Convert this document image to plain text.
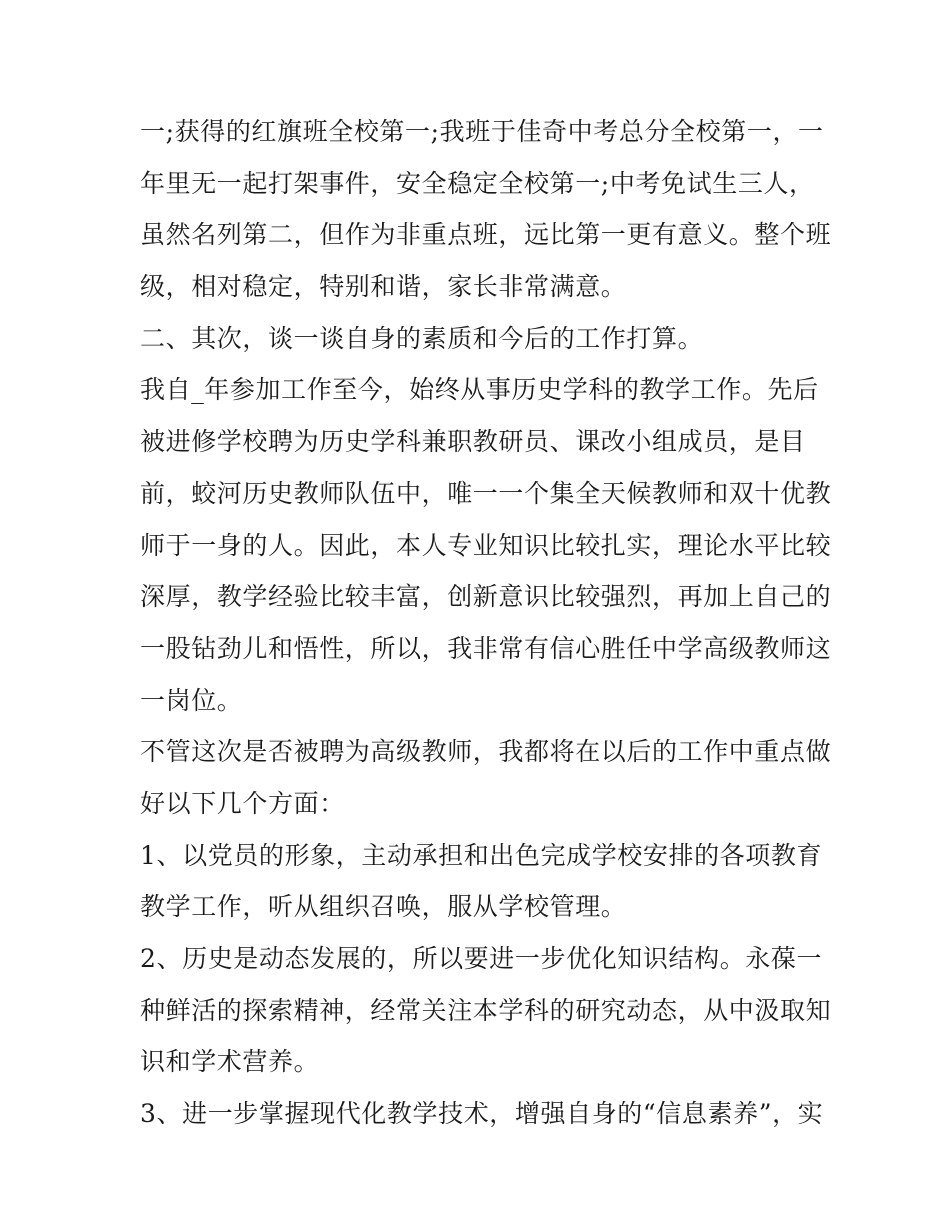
一;获得的红旗班全校第一;我班于佳奇中考总分全校第一，一
年里无一起打架事件，安全稳定全校第一;中考免试生三人，
虽然名列第二，但作为非重点班，远比第一更有意义。整个班
级，相对稳定，特别和谐，家长非常满意。
二、其次，谈一谈自身的素质和今后的工作打算。
我自_年参加工作至今，始终从事历史学科的教学工作。先后
被进修学校聘为历史学科兼职教研员、课改小组成员，是目
前，蛟河历史教师队伍中，唯一一个集全天候教师和双十优教
师于一身的人。因此，本人专业知识比较扎实，理论水平比较
深厚，教学经验比较丰富，创新意识比较强烈，再加上自己的
一股钻劲儿和悟性，所以，我非常有信心胜任中学高级教师这
一岗位。
不管这次是否被聘为高级教师，我都将在以后的工作中重点做
好以下几个方面：
1、以党员的形象，主动承担和出色完成学校安排的各项教育
教学工作，听从组织召唤，服从学校管理。
2、历史是动态发展的，所以要进一步优化知识结构。永葆一
种鲜活的探索精神，经常关注本学科的研究动态，从中汲取知
识和学术营养。
3、进一步掌握现代化教学技术，增强自身的“信息素养”，实
